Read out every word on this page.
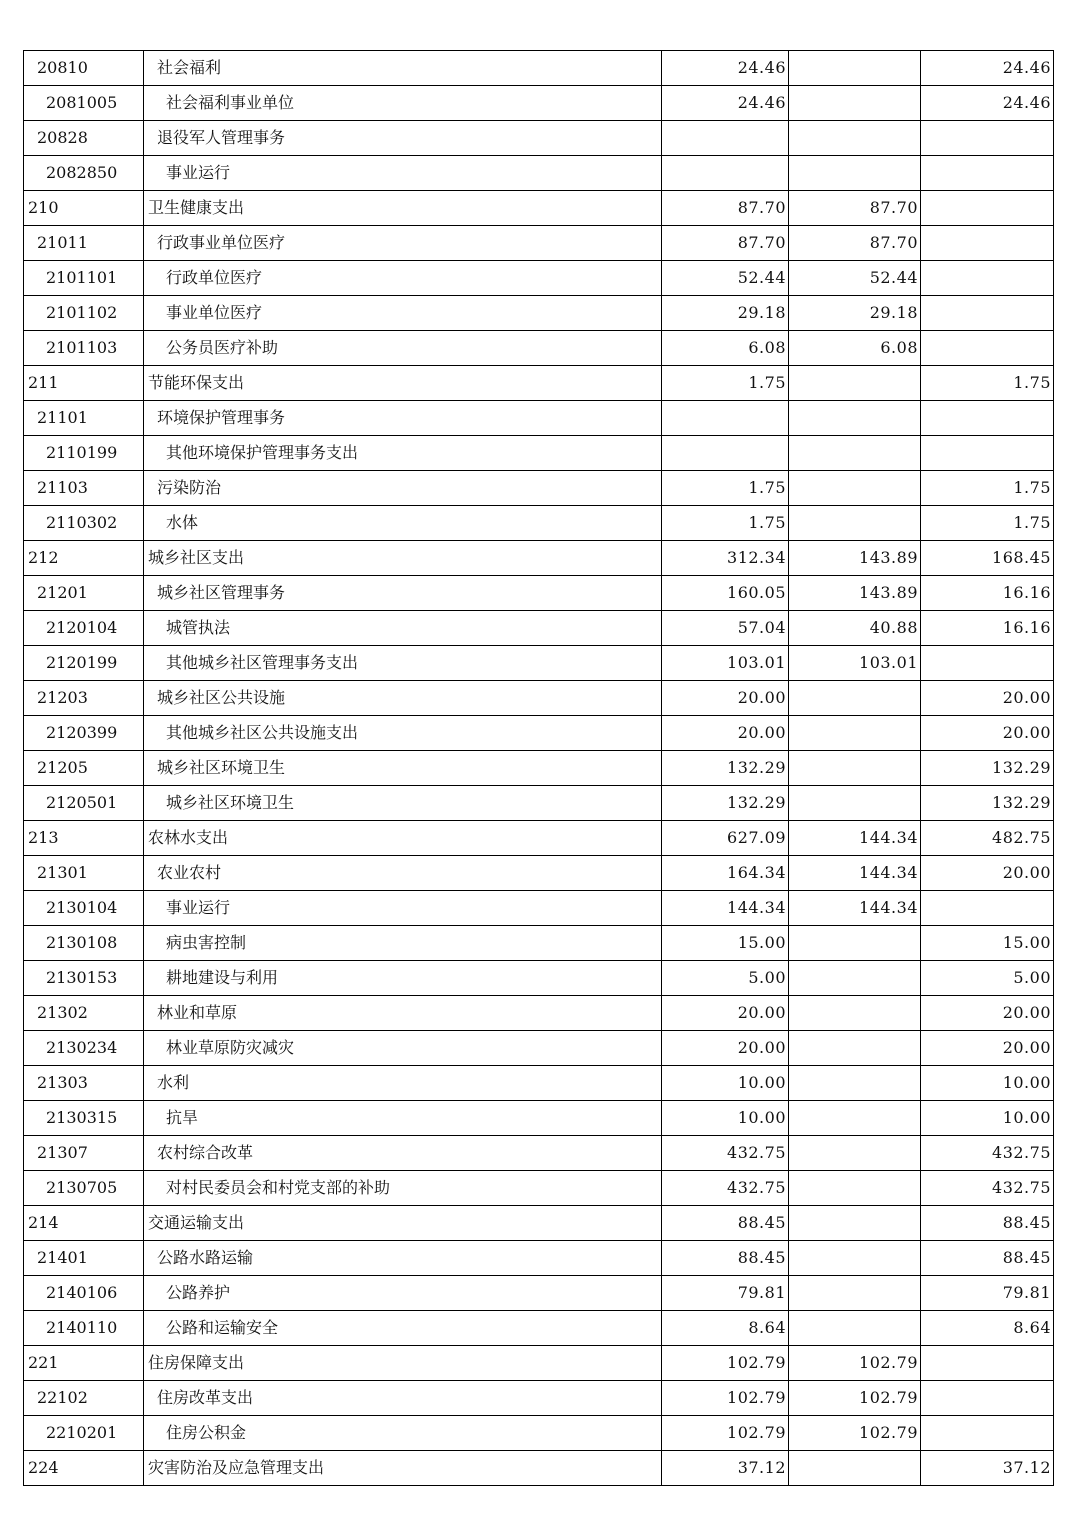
20810	社会福利	24.46		24.46
2081005	社会福利事业单位	24.46		24.46
20828	退役军人管理事务			
2082850	事业运行			
210	卫生健康支出	87.70	87.70	
21011	行政事业单位医疗	87.70	87.70	
2101101	行政单位医疗	52.44	52.44	
2101102	事业单位医疗	29.18	29.18	
2101103	公务员医疗补助	6.08	6.08	
211	节能环保支出	1.75		1.75
21101	环境保护管理事务			
2110199	其他环境保护管理事务支出			
21103	污染防治	1.75		1.75
2110302	水体	1.75		1.75
212	城乡社区支出	312.34	143.89	168.45
21201	城乡社区管理事务	160.05	143.89	16.16
2120104	城管执法	57.04	40.88	16.16
2120199	其他城乡社区管理事务支出	103.01	103.01	
21203	城乡社区公共设施	20.00		20.00
2120399	其他城乡社区公共设施支出	20.00		20.00
21205	城乡社区环境卫生	132.29		132.29
2120501	城乡社区环境卫生	132.29		132.29
213	农林水支出	627.09	144.34	482.75
21301	农业农村	164.34	144.34	20.00
2130104	事业运行	144.34	144.34	
2130108	病虫害控制	15.00		15.00
2130153	耕地建设与利用	5.00		5.00
21302	林业和草原	20.00		20.00
2130234	林业草原防灾减灾	20.00		20.00
21303	水利	10.00		10.00
2130315	抗旱	10.00		10.00
21307	农村综合改革	432.75		432.75
2130705	对村民委员会和村党支部的补助	432.75		432.75
214	交通运输支出	88.45		88.45
21401	公路水路运输	88.45		88.45
2140106	公路养护	79.81		79.81
2140110	公路和运输安全	8.64		8.64
221	住房保障支出	102.79	102.79	
22102	住房改革支出	102.79	102.79	
2210201	住房公积金	102.79	102.79	
224	灾害防治及应急管理支出	37.12		37.12
